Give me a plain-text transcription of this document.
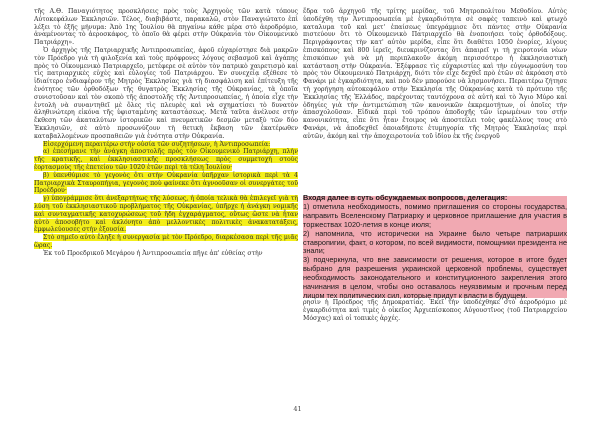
τῆς Α.Θ. Παναγιότητος προσκλήσεις πρὸς τοὺς Ἀρχηγοὺς τῶν κατὰ τόπους Αὐτοκεφάλων Ἐκκλησιῶν. Τέλος, διαβιβάστε, παρακαλῶ, στὸν Παναγιώτατο ἐπὶ λέξει τὸ ἑξῆς μήνυμα: Ἀπὸ 1ης Ἰουλίου θὰ πηγαίνω κάθε μέρα στὸ ἀεροδρόμιο, ἀναμένοντας τὸ ἀεροσκάφος, τὸ ὁποῖο θὰ φέρει στὴν Οὐκρανία τὸν Οἰκουμενικὸ Πατριάρχη».

Ὁ ἀρχηγὸς τῆς Πατριαρχικῆς Ἀντιπροσωπείας, ἀφοῦ εὐχαρίστησε διὰ μακρῶν τὸν Πρόεδρο γιὰ τὴ φιλοξενία καὶ τοὺς πρόφρονες λόγους σεβασμοῦ καὶ ἀγάπης πρὸς τὸ Οἰκουμενικὸ Πατριαρχεῖο, μετέφερε σὲ αὐτὸν τὸν πατρικὸ χαιρετισμὸ καὶ τὶς πατριαρχικὲς εὐχὲς καὶ εὐλογίες τοῦ Πατριάρχου. Ἐν συνεχείᾳ εξέθεσε τὸ ἰδιαίτερο ἐνδιαφέρον τῆς Μητρὸς Ἐκκλησίας γιὰ τὴ διασφάλιση καὶ ἐπίτευξη τῆς ἑνότητος τῶν ὀρθοδόξων τῆς θυγατρὸς Ἐκκλησίας τῆς Οὐκρανίας, τὰ ὁποῖα συνιστοῦσαν καὶ τὸν σκοπὸ τῆς ἀποστολῆς τῆς Ἀντιπροσωπείας, ἡ ὁποία εἶχε τὴν ἐντολὴ νὰ συναντηθεῖ μὲ ὅλες τὶς πλευρὲς καὶ νὰ σχηματίσει τὸ δυνατὸν ἀληθινώτερη εἰκόνα τῆς ὑφισταμένης καταστάσεως. Μετὰ ταῦτα ἀνέλυσε στὴν ἔκθεση τῶν ἀκαταλύτων ἱστορικῶν καὶ πνευματικῶν δεσμῶν μεταξὺ τῶν δύο Ἐκκλησιῶν, σὲ αὐτὸ προσωνύζουν τὴ θετικὴ ἔκβαση τῶν ἐκατέρωθεν καταβαλλομένων προσπαθειῶν γιὰ ἐνότητα στὴν Οὐκρανία.

Εἰσερχόμενη περαιτέρω στὴν οὐσία τῶν συζητήσεων, ἡ Ἀντιπροσωπεία:

α) ἐπεσήμανε τὴν ἀνάγκη ἀποστολῆς πρὸς τὸν Οἰκουμενικὸ Πατριάρχη, πλὴν τῆς κρατικῆς, καὶ ἐκκλησιαστικῆς προσκλήσεως πρὸς συμμετοχὴ στοὺς ἑορτασμοὺς τῆς ἐπετείου τῶν 1020 ἐτῶν περὶ τὰ τέλη Ἰουλίου·

β) ὑπενθύμισε τὸ γεγονὸς ὅτι στὴν Οὐκρανία ὑπῆρχαν ἱστορικὰ περὶ τὰ 4 Πατριαρχικὰ Σταυροπήγια, γεγονὸς ποὺ φαίνεκε ὅτι ἀγνοοῦσαν οἱ συνεργάτες τοῦ Προέδρου·

γ) ὑπογράμμισε ὅτι ἀνεξαρτήτως τῆς λύσεως, ἡ ὁποία τελικὰ θὰ ἐπιλεγεῖ γιὰ τὴ λύση τοῦ ἐκκλησιαστικοῦ προβλήματος τῆς Οὐκρανίας, ὑπῆρχε ἡ ἀνάγκη νομικῆς καὶ συνταγματικῆς κατοχυρώσεως τοῦ ἤδη ἐγχαράγματος, οὕτως ὥστε νὰ ἦταν αὐτὸ ἀποσοβήτο καὶ ἀκλόνητο ἀπὸ μελλοντικὲς πολιτικὲς ἀνακατατάξεις, ἐμφωλεύουσες στὴν ἐξουσία.

Στὸ σημεῖο αὐτὸ ἔληξε ἡ συνεργασία μὲ τὸν Πρόεδρο, διαρκέσασα περὶ τῆς μιᾶς ὥρας.

Ἐκ τοῦ Προεδρικοῦ Μεγάρου ἡ Ἀντιπροσωπεία πῆγε ἀπ' εὐθείας στὴν

ἕδρα τοῦ ἀρχηγοῦ τῆς τρίτης μερίδας, τοῦ Μητροπολίτου Μεθοδίου. Αὐτὸς ὑποδέχθη τὴν Ἀντιπροσωπεία μὲ ἐγκαρδιότητα σὲ σαφὲς ταπεινὸ καὶ φτωχὸ καταλυμα τοῦ καὶ μετ' ἐπαίσεως ὑπεγράμμισε ὅτι πάντες στὴν Οὐκρανία πιστεύουν ὅτι τὸ Οἰκουμενικὸ Πατριαρχεῖο θὰ ἐνοποιήσει τοὺς ὀρθοδόξους. Περιγράφοντας τὴν κατ' αὐτὸν μερίδα, εἶπε ὅτι διαθέτει 1050 ἐνορίες, λίγους ἐπισκόπους καὶ 800 ἱερεῖς, διευκρινίζοντας ὅτι ἀπαιρεῖ γι τὴ χειροτονία νέων ἐπισκόπων γιὰ νὰ μὴ περιπλακοῦν ἀκόμη περισσότερο ἡ ἐκκλησιαστικὴ κατάσταση στὴν Οὐκρανία. Ἐξέφρασε τὶς εὐχαριστίες καὶ τὴν εὐγνωμοσύνη του πρὸς τὸν Οἰκουμενικὸ Πατριάρχη, διότι τὸν εἶχε δεχθεῖ πρὸ ἐτῶν σὲ ἀκρόαση στὸ Φανάρι μὲ ἐγκαρδιότητα, καὶ ποὺ δὲν μπορούσε νὰ λησμονήσει. Περαιτέρω ζήτησε τὴ χορήγηση αὐτοκεφάλου στὴν Ἐκκλησία τῆς Οὐκρανίας κατὰ τὸ πρότυπο τῆς Ἐκκλησίας τῆς Ἑλλάδος, παρέχοντας ταυτόχρονα σὲ αὐτὴ καὶ τὸ Ἅγιο Μύρο καὶ ὁδηγίες γιὰ τὴν ἀντιμετώπιση τῶν κανονικῶν ἐκκρεμοτήτων, οἱ ὁποῖες τὴν ἀπασχολοῦσαν. Εἰδικὰ περὶ τοῦ τρόπου ἀποδοχῆς τῶν ἱερωμένων του στὴν κανονικότητα, εἶπε ὅτι ἦταν ἕτοιμος νὰ ἀποστείλει τοὺς φακέλλους τους στὸ Φανάρι, νὰ ἀποδεχθεῖ ὁποιαδήποτε ἐτυμηγορία τῆς Μητρὸς Ἐκκλησίας περὶ αὐτῶν, ἀκόμη καὶ τὴν ἀποχειροτονία τοῦ ἰδίου ἐκ τῆς ἐνεργοῦ

Входя далее в суть обсуждаемых вопросов, делегация:

1) отметила необходимость, помимо приглашения со стороны государства, направить Вселенскому Патриарху и церковное приглашение для участия в торжествах 1020-летия в конце июля;

2) напомнила, что исторически на Украине было четыре патриарших ставропигии, факт, о котором, по всей видимости, помощники президента не знали;

3) подчеркнула, что вне зависимости от решения, которое в итоге будет выбрано для разрешения украинской церковной проблемы, существует необходимость законодательного и конституционного закрепления этого начинания в целом, чтобы оно оставалось неуязвимым и прочным перед лицом тех политических сил, которые придут к власти в будущем.

ρησιν ἡ Πρόεδρος τῆς Δημοκρατίας. Ἐκεῖ τὴν ὑποδέχθηκε στὸ ἀεροδρόμιο μὲ ἐγκαρδιότητα καὶ τιμὲς ὁ οἰκεῖος Ἀρχιεπίσκοπος Αὐγουστῖνος (τοῦ Πατριαρχείου Μόσχας) καὶ οἱ τοπικὲς ἀρχές.

41
